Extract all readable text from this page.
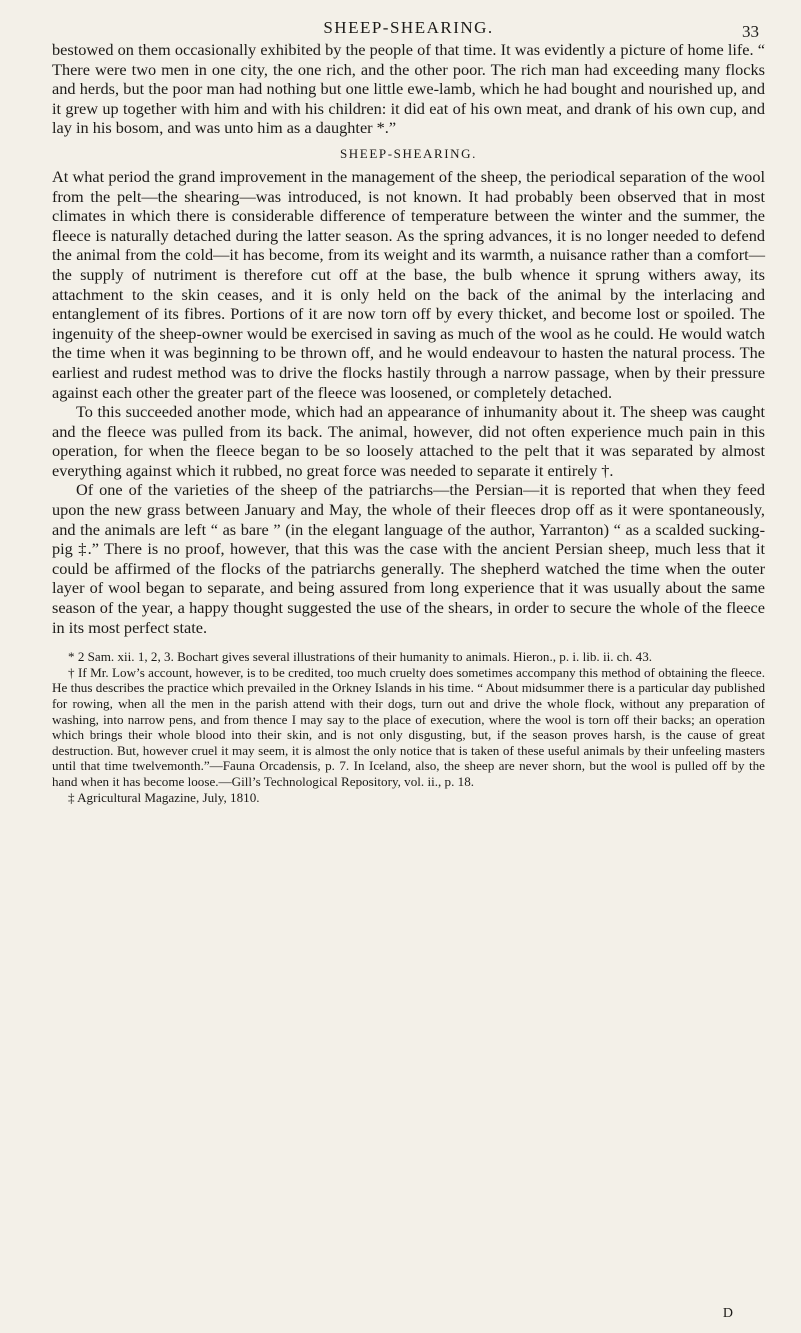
SHEEP-SHEARING.	33

bestowed on them occasionally exhibited by the people of that time. It was evidently a picture of home life. “ There were two men in one city, the one rich, and the other poor. The rich man had exceeding many flocks and herds, but the poor man had nothing but one little ewe-lamb, which he had bought and nourished up, and it grew up together with him and with his children: it did eat of his own meat, and drank of his own cup, and lay in his bosom, and was unto him as a daughter *.”

SHEEP-SHEARING.

At what period the grand improvement in the management of the sheep, the periodical separation of the wool from the pelt—the shearing—was introduced, is not known. It had probably been observed that in most climates in which there is considerable difference of temperature between the winter and the summer, the fleece is naturally detached during the latter season. As the spring advances, it is no longer needed to defend the animal from the cold—it has become, from its weight and its warmth, a nuisance rather than a comfort—the supply of nutriment is therefore cut off at the base, the bulb whence it sprung withers away, its attachment to the skin ceases, and it is only held on the back of the animal by the interlacing and entanglement of its fibres. Portions of it are now torn off by every thicket, and become lost or spoiled. The ingenuity of the sheep-owner would be exercised in saving as much of the wool as he could. He would watch the time when it was beginning to be thrown off, and he would endeavour to hasten the natural process. The earliest and rudest method was to drive the flocks hastily through a narrow passage, when by their pressure against each other the greater part of the fleece was loosened, or completely detached.

To this succeeded another mode, which had an appearance of inhumanity about it. The sheep was caught and the fleece was pulled from its back. The animal, however, did not often experience much pain in this operation, for when the fleece began to be so loosely attached to the pelt that it was separated by almost everything against which it rubbed, no great force was needed to separate it entirely †.

Of one of the varieties of the sheep of the patriarchs—the Persian—it is reported that when they feed upon the new grass between January and May, the whole of their fleeces drop off as it were spontaneously, and the animals are left “ as bare ” (in the elegant language of the author, Yarranton) “ as a scalded sucking-pig ‡.” There is no proof, however, that this was the case with the ancient Persian sheep, much less that it could be affirmed of the flocks of the patriarchs generally. The shepherd watched the time when the outer layer of wool began to separate, and being assured from long experience that it was usually about the same season of the year, a happy thought suggested the use of the shears, in order to secure the whole of the fleece in its most perfect state.

* 2 Sam. xii. 1, 2, 3. Bochart gives several illustrations of their humanity to animals. Hieron., p. i. lib. ii. ch. 43.

† If Mr. Low’s account, however, is to be credited, too much cruelty does sometimes accompany this method of obtaining the fleece. He thus describes the practice which prevailed in the Orkney Islands in his time. “ About midsummer there is a particular day published for rowing, when all the men in the parish attend with their dogs, turn out and drive the whole flock, without any preparation of washing, into narrow pens, and from thence I may say to the place of execution, where the wool is torn off their backs; an operation which brings their whole blood into their skin, and is not only disgusting, but, if the season proves harsh, is the cause of great destruction. But, however cruel it may seem, it is almost the only notice that is taken of these useful animals by their unfeeling masters until that time twelvemonth.”—Fauna Orcadensis, p. 7. In Iceland, also, the sheep are never shorn, but the wool is pulled off by the hand when it has become loose.—Gill’s Technological Repository, vol. ii., p. 18.

‡ Agricultural Magazine, July, 1810.

D
